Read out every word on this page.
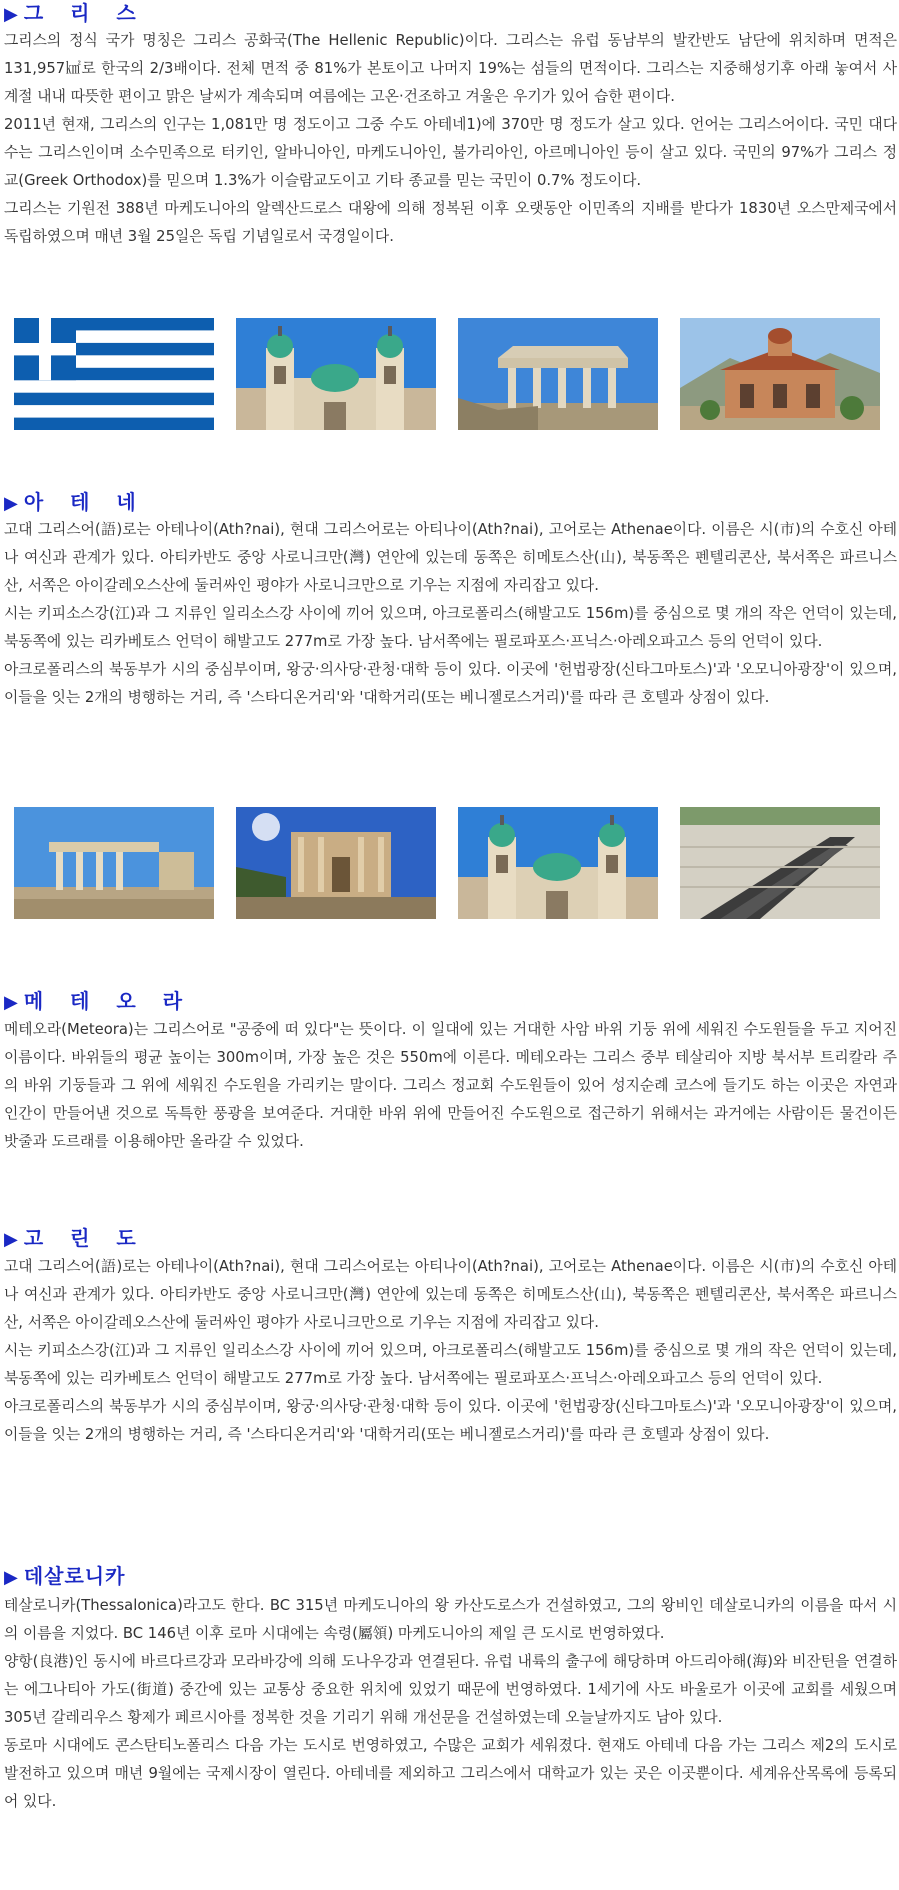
▶ 그 리 스

그리스의 정식 국가 명칭은 그리스 공화국(The Hellenic Republic)이다. 그리스는 유럽 동남부의 발칸반도 남단에 위치하며 면적은 131,957㎢로 한국의 2/3배이다. 전체 면적 중 81%가 본토이고 나머지 19%는 섬들의 면적이다. 그리스는 지중해성기후 아래 놓여서 사계절 내내 따뜻한 편이고 맑은 날씨가 계속되며 여름에는 고온·건조하고 겨울은 우기가 있어 습한 편이다.

2011년 현재, 그리스의 인구는 1,081만 명 정도이고 그중 수도 아테네1)에 370만 명 정도가 살고 있다. 언어는 그리스어이다. 국민 대다수는 그리스인이며 소수민족으로 터키인, 알바니아인, 마케도니아인, 불가리아인, 아르메니아인 등이 살고 있다. 국민의 97%가 그리스 정교(Greek Orthodox)를 믿으며 1.3%가 이슬람교도이고 기타 종교를 믿는 국민이 0.7% 정도이다.

그리스는 기원전 388년 마케도니아의 알렉산드로스 대왕에 의해 정복된 이후 오랫동안 이민족의 지배를 받다가 1830년 오스만제국에서 독립하였으며 매년 3월 25일은 독립 기념일로서 국경일이다.

▶ 아 테 네

고대 그리스어(語)로는 아테나이(Ath?nai), 현대 그리스어로는 아티나이(Ath?nai), 고어로는 Athenae이다. 이름은 시(市)의 수호신 아테나 여신과 관계가 있다. 아티카반도 중앙 사로니크만(灣) 연안에 있는데 동쪽은 히메토스산(山), 북동쪽은 펜텔리콘산, 북서쪽은 파르니스산, 서쪽은 아이갈레오스산에 둘러싸인 평야가 사로니크만으로 기우는 지점에 자리잡고 있다.

시는 키피소스강(江)과 그 지류인 일리소스강 사이에 끼어 있으며, 아크로폴리스(해발고도 156m)를 중심으로 몇 개의 작은 언덕이 있는데, 북동쪽에 있는 리카베토스 언덕이 해발고도 277m로 가장 높다. 남서쪽에는 필로파포스·프닉스·아레오파고스 등의 언덕이 있다.

아크로폴리스의 북동부가 시의 중심부이며, 왕궁·의사당·관청·대학 등이 있다. 이곳에 '헌법광장(신타그마토스)'과 '오모니아광장'이 있으며, 이들을 잇는 2개의 병행하는 거리, 즉 '스타디온거리'와 '대학거리(또는 베니젤로스거리)'를 따라 큰 호텔과 상점이 있다.

▶ 메 테 오 라

메테오라(Meteora)는 그리스어로 "공중에 떠 있다"는 뜻이다. 이 일대에 있는 거대한 사암 바위 기둥 위에 세워진 수도원들을 두고 지어진 이름이다. 바위들의 평균 높이는 300m이며, 가장 높은 것은 550m에 이른다. 메테오라는 그리스 중부 테살리아 지방 북서부 트리칼라 주의 바위 기둥들과 그 위에 세워진 수도원을 가리키는 말이다. 그리스 정교회 수도원들이 있어 성지순례 코스에 들기도 하는 이곳은 자연과 인간이 만들어낸 것으로 독특한 풍광을 보여준다. 거대한 바위 위에 만들어진 수도원으로 접근하기 위해서는 과거에는 사람이든 물건이든 밧줄과 도르래를 이용해야만 올라갈 수 있었다.

▶ 고 린 도

고대 그리스어(語)로는 아테나이(Ath?nai), 현대 그리스어로는 아티나이(Ath?nai), 고어로는 Athenae이다. 이름은 시(市)의 수호신 아테나 여신과 관계가 있다. 아티카반도 중앙 사로니크만(灣) 연안에 있는데 동쪽은 히메토스산(山), 북동쪽은 펜텔리콘산, 북서쪽은 파르니스산, 서쪽은 아이갈레오스산에 둘러싸인 평야가 사로니크만으로 기우는 지점에 자리잡고 있다.

시는 키피소스강(江)과 그 지류인 일리소스강 사이에 끼어 있으며, 아크로폴리스(해발고도 156m)를 중심으로 몇 개의 작은 언덕이 있는데, 북동쪽에 있는 리카베토스 언덕이 해발고도 277m로 가장 높다. 남서쪽에는 필로파포스·프닉스·아레오파고스 등의 언덕이 있다.

아크로폴리스의 북동부가 시의 중심부이며, 왕궁·의사당·관청·대학 등이 있다. 이곳에 '헌법광장(신타그마토스)'과 '오모니아광장'이 있으며, 이들을 잇는 2개의 병행하는 거리, 즉 '스타디온거리'와 '대학거리(또는 베니젤로스거리)'를 따라 큰 호텔과 상점이 있다.

▶ 데살로니카

테살로니카(Thessalonica)라고도 한다. BC 315년 마케도니아의 왕 카산도로스가 건설하였고, 그의 왕비인 데살로니카의 이름을 따서 시의 이름을 지었다. BC 146년 이후 로마 시대에는 속령(屬領) 마케도니아의 제일 큰 도시로 번영하였다.

양항(良港)인 동시에 바르다르강과 모라바강에 의해 도나우강과 연결된다. 유럽 내륙의 출구에 해당하며 아드리아해(海)와 비잔틴을 연결하는 에그나티아 가도(街道) 중간에 있는 교통상 중요한 위치에 있었기 때문에 번영하였다. 1세기에 사도 바울로가 이곳에 교회를 세웠으며 305년 갈레리우스 황제가 페르시아를 정복한 것을 기리기 위해 개선문을 건설하였는데 오늘날까지도 남아 있다.

동로마 시대에도 콘스탄티노폴리스 다음 가는 도시로 번영하였고, 수많은 교회가 세워졌다. 현재도 아테네 다음 가는 그리스 제2의 도시로 발전하고 있으며 매년 9월에는 국제시장이 열린다. 아테네를 제외하고 그리스에서 대학교가 있는 곳은 이곳뿐이다. 세계유산목록에 등록되어 있다.
